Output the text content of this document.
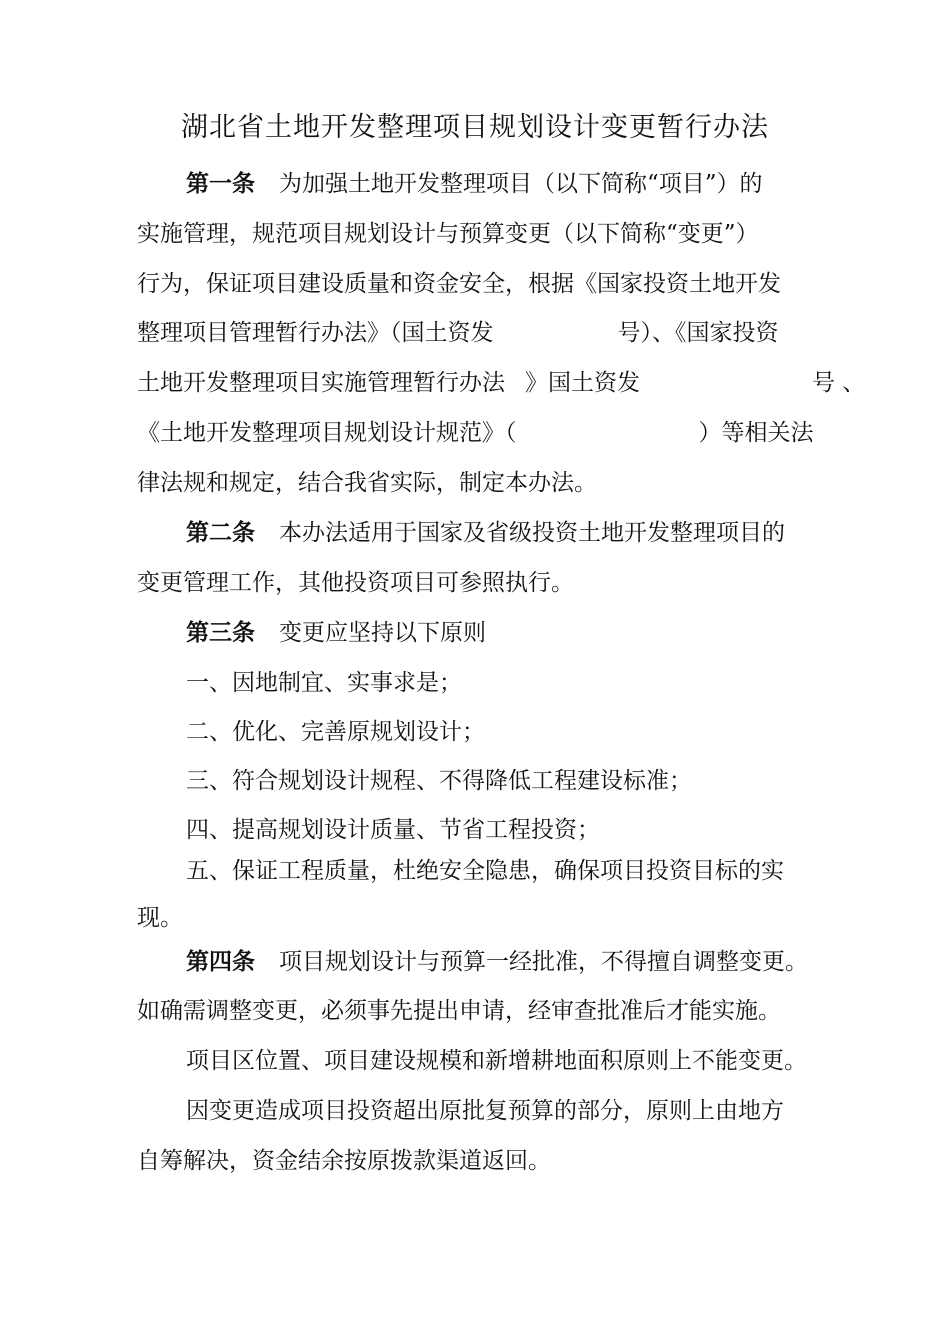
湖北省土地开发整理项目规划设计变更暂行办法
第一条 为加强土地开发整理项目（以下简称“项目”）的
实施管理，规范项目规划设计与预算变更（以下简称“变更”）
行为，保证项目建设质量和资金安全，根据《国家投资土地开发
整理项目管理暂行办法》（国土资发	号）、《国家投资
土地开发整理项目实施管理暂行办法 》国土资发	号 、
《土地开发整理项目规划设计规范》（	）等相关法
律法规和规定，结合我省实际，制定本办法。
第二条 本办法适用于国家及省级投资土地开发整理项目的
变更管理工作，其他投资项目可参照执行。
第三条 变更应坚持以下原则
一、因地制宜、实事求是；
二、优化、完善原规划设计；
三、符合规划设计规程、不得降低工程建设标准；
四、提高规划设计质量、节省工程投资；
五、保证工程质量，杜绝安全隐患，确保项目投资目标的实
现。
第四条 项目规划设计与预算一经批准，不得擅自调整变更。
如确需调整变更，必须事先提出申请，经审查批准后才能实施。
项目区位置、项目建设规模和新增耕地面积原则上不能变更。
因变更造成项目投资超出原批复预算的部分，原则上由地方
自筹解决，资金结余按原拨款渠道返回。
